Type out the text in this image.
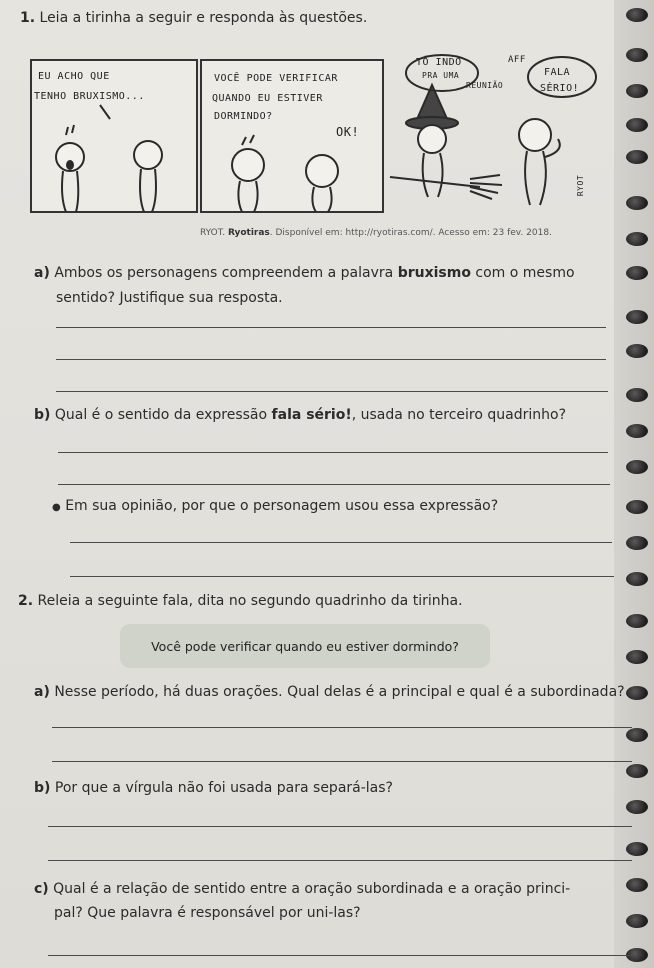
1. Leia a tirinha a seguir e responda às questões.
EU ACHO QUE
TENHO BRUXISMO...
VOCÊ PODE VERIFICAR
QUANDO EU ESTIVER
DORMINDO?
OK!
TÔ INDO
PRA UMA
REUNIÃO
AFF
FALA
SÉRIO!
RYOT
RYOT. Ryotiras. Disponível em: http://ryotiras.com/. Acesso em: 23 fev. 2018.
a) Ambos os personagens compreendem a palavra bruxismo com o mesmo
sentido? Justifique sua resposta.
b) Qual é o sentido da expressão fala sério!, usada no terceiro quadrinho?
● Em sua opinião, por que o personagem usou essa expressão?
2. Releia a seguinte fala, dita no segundo quadrinho da tirinha.
Você pode verificar quando eu estiver dormindo?
a) Nesse período, há duas orações. Qual delas é a principal e qual é a subordinada?
b) Por que a vírgula não foi usada para separá-las?
c) Qual é a relação de sentido entre a oração subordinada e a oração princi-
pal? Que palavra é responsável por uni-las?
